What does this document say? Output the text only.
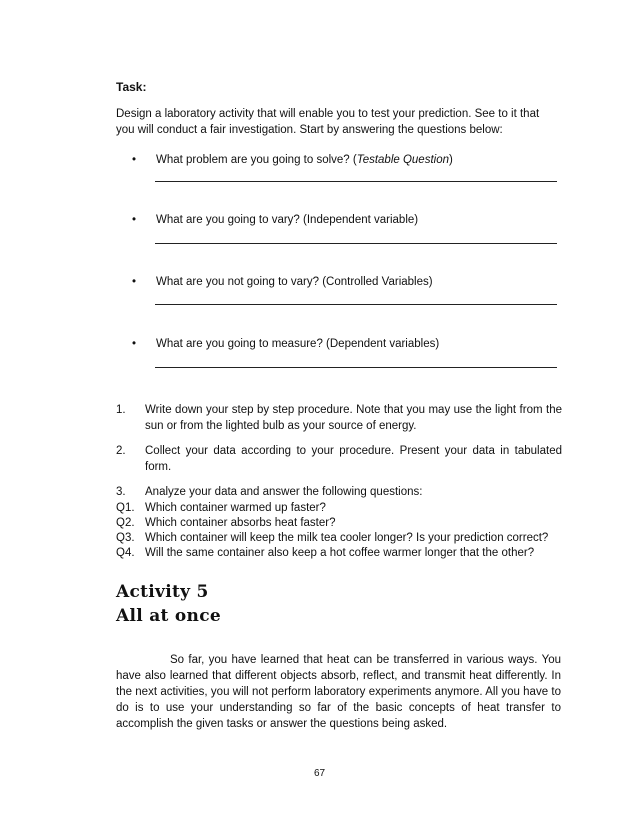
Task:

Design a laboratory activity that will enable you to test your prediction. See to it that
you will conduct a fair investigation. Start by answering the questions below:

• What problem are you going to solve? (Testable Question)
• What are you going to vary? (Independent variable)
• What are you not going to vary? (Controlled Variables)
• What are you going to measure? (Dependent variables)
1. Write down your step by step procedure. Note that you may use the light from the sun or from the lighted bulb as your source of energy.
2. Collect your data according to your procedure. Present your data in tabulated form.
3. Analyze your data and answer the following questions:
Q1. Which container warmed up faster?
Q2. Which container absorbs heat faster?
Q3. Which container will keep the milk tea cooler longer? Is your prediction correct?
Q4. Will the same container also keep a hot coffee warmer longer that the other?
Activity 5
All at once

So far, you have learned that heat can be transferred in various ways. You have also learned that different objects absorb, reflect, and transmit heat differently. In the next activities, you will not perform laboratory experiments anymore. All you have to do is to use your understanding so far of the basic concepts of heat transfer to accomplish the given tasks or answer the questions being asked.

67
